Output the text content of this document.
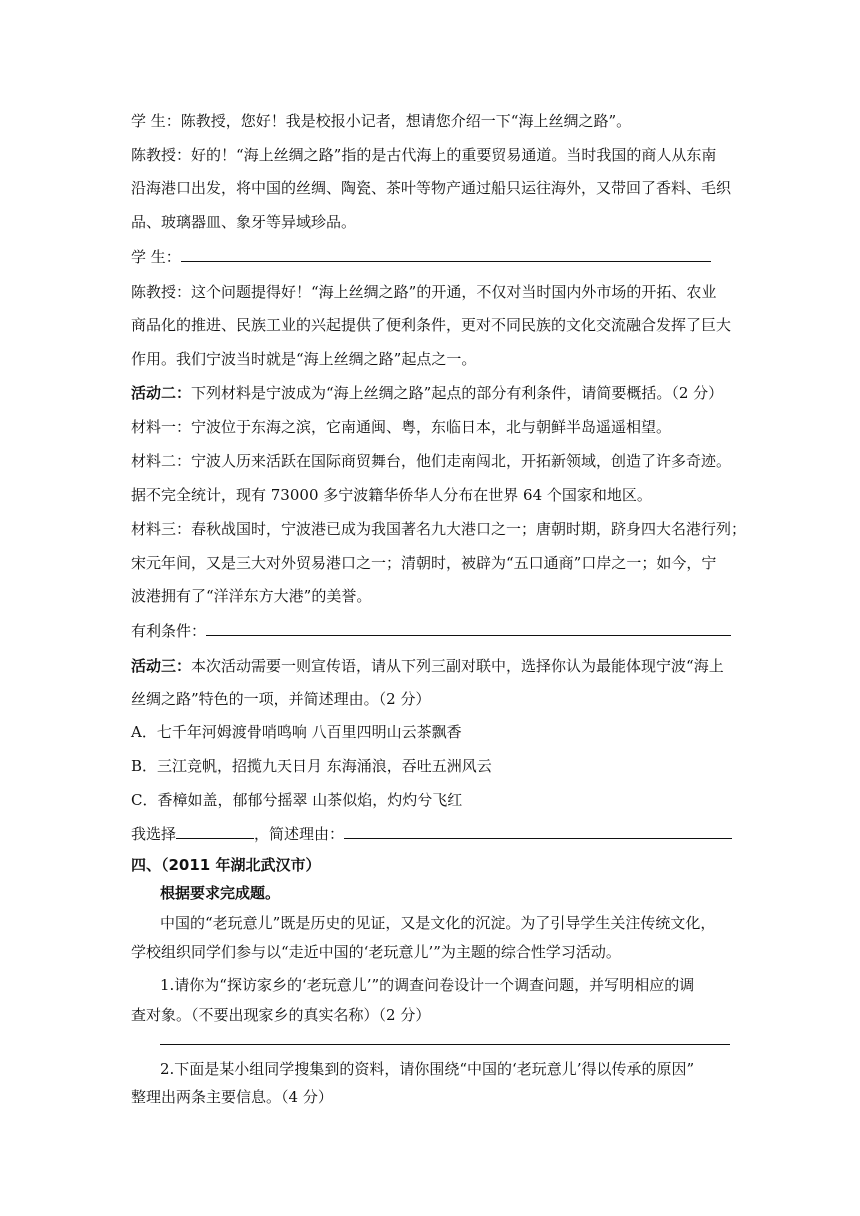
学 生：陈教授，您好！我是校报小记者，想请您介绍一下“海上丝绸之路”。
陈教授：好的！“海上丝绸之路”指的是古代海上的重要贸易通道。当时我国的商人从东南
沿海港口出发，将中国的丝绸、陶瓷、茶叶等物产通过船只运往海外，又带回了香料、毛织
品、玻璃器皿、象牙等异域珍品。
学 生：
陈教授：这个问题提得好！“海上丝绸之路”的开通，不仅对当时国内外市场的开拓、农业
商品化的推进、民族工业的兴起提供了便利条件，更对不同民族的文化交流融合发挥了巨大
作用。我们宁波当时就是“海上丝绸之路”起点之一。
活动二：下列材料是宁波成为“海上丝绸之路”起点的部分有利条件，请简要概括。（2 分）
材料一：宁波位于东海之滨，它南通闽、粤，东临日本，北与朝鲜半岛遥遥相望。
材料二：宁波人历来活跃在国际商贸舞台，他们走南闯北，开拓新领域，创造了许多奇迹。
据不完全统计，现有 73000 多宁波籍华侨华人分布在世界 64 个国家和地区。
材料三：春秋战国时，宁波港已成为我国著名九大港口之一；唐朝时期，跻身四大名港行列；
宋元年间，又是三大对外贸易港口之一；清朝时，被辟为“五口通商”口岸之一；如今，宁
波港拥有了“洋洋东方大港”的美誉。
有利条件：
活动三：本次活动需要一则宣传语，请从下列三副对联中，选择你认为最能体现宁波“海上
丝绸之路”特色的一项，并简述理由。（2 分）
A．七千年河姆渡骨哨鸣响 八百里四明山云茶飘香
B．三江竞帆，招揽九天日月 东海涌浪，吞吐五洲风云
C．香樟如盖，郁郁兮摇翠 山茶似焰，灼灼兮飞红
我选择	，简述理由：
四、（2011 年湖北武汉市）
根据要求完成题。
中国的“老玩意儿”既是历史的见证，又是文化的沉淀。为了引导学生关注传统文化，
学校组织同学们参与以“走近中国的‘老玩意儿’”为主题的综合性学习活动。
1.请你为“探访家乡的‘老玩意儿’”的调查问卷设计一个调查问题，并写明相应的调
查对象。（不要出现家乡的真实名称）（2 分）
2.下面是某小组同学搜集到的资料，请你围绕“中国的‘老玩意儿’得以传承的原因”
整理出两条主要信息。（4 分）
